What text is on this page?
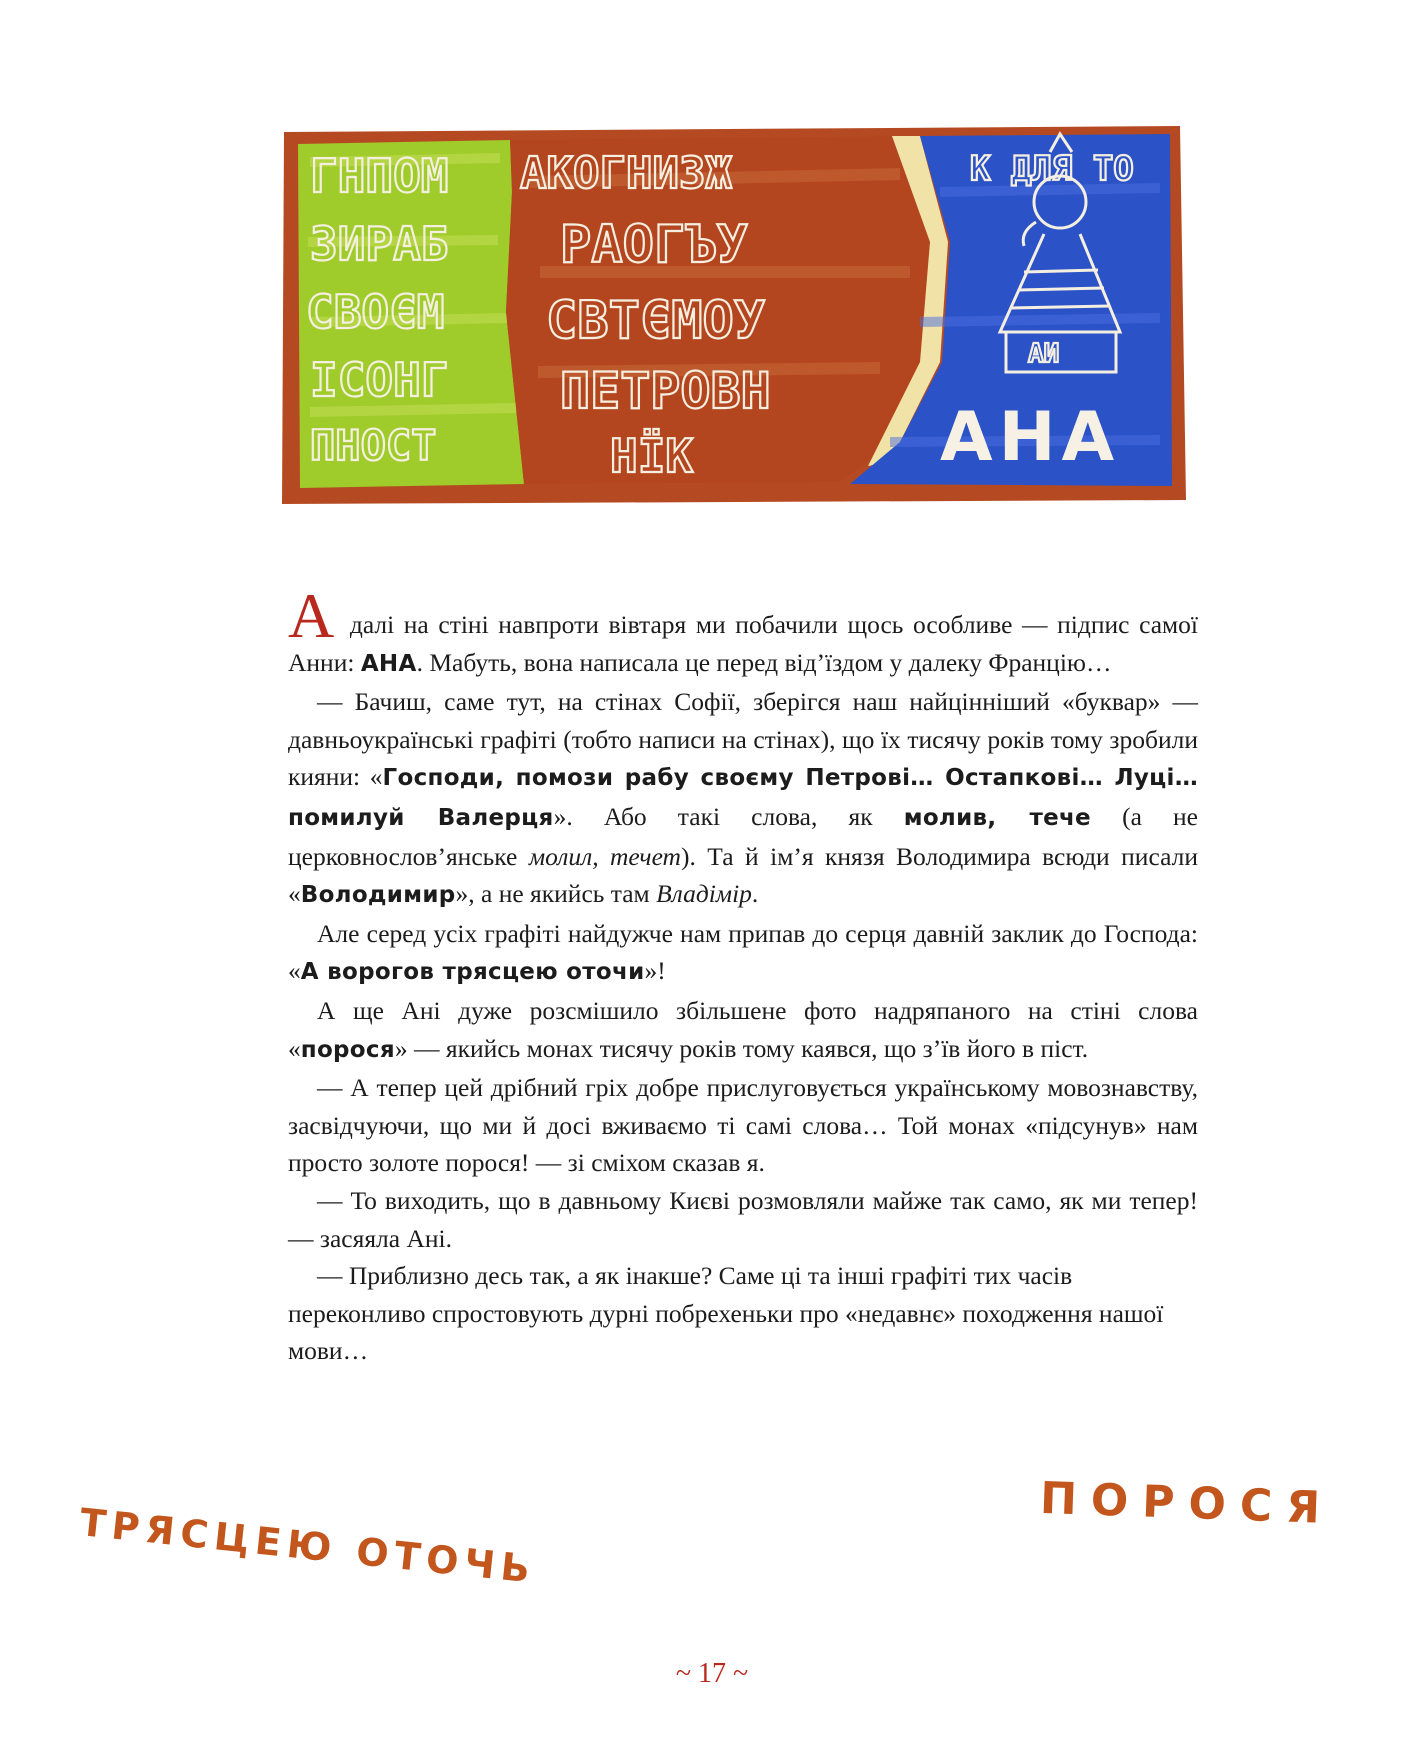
ГНПОМ
ЗИРАБ
СВОЄМ
ІСОНГ
ПНОСТ
АКОГНИЗЖ
РАОГЪУ
СВТЄМОУ
ПЕТРОВН
НЇК
К ДЛЯ ТО
АИ
АНА

А далі на стіні навпроти вівтаря ми побачили щось особливе — підпис самої Анни: АНА. Мабуть, вона написала це перед від’їздом у далеку Францію…

— Бачиш, саме тут, на стінах Софії, зберігся наш найцінніший «буквар» — давньоукраїнські графіті (тобто написи на стінах), що їх тисячу років тому зробили кияни: «Господи, помози рабу своєму Петрові… Остапкові… Луці… помилуй Валерця». Або такі слова, як молив, тече (а не церковнослов’янське молил, течет). Та й ім’я князя Володимира всюди писали «Володимир», а не якийсь там Владімір.

Але серед усіх графіті найдужче нам припав до серця давній заклик до Господа: «А ворогов трясцею оточи»!

А ще Ані дуже розсмішило збільшене фото надряпаного на стіні слова «порося» — якийсь монах тисячу років тому каявся, що з’їв його в піст.

— А тепер цей дрібний гріх добре прислуговується українському мовознавству, засвідчуючи, що ми й досі вживаємо ті самі слова… Той монах «підсунув» нам просто золоте порося! — зі сміхом сказав я.

— То виходить, що в давньому Києві розмовляли майже так само, як ми тепер! — засяяла Ані.

— Приблизно десь так, а як інакше? Саме ці та інші графіті тих часів переконливо спростовують дурні побрехеньки про «недавнє» походження нашої мови…

ТРЯСЦЕЮ ОТОЧЬ	ПОРОСЯ
~ 17 ~
